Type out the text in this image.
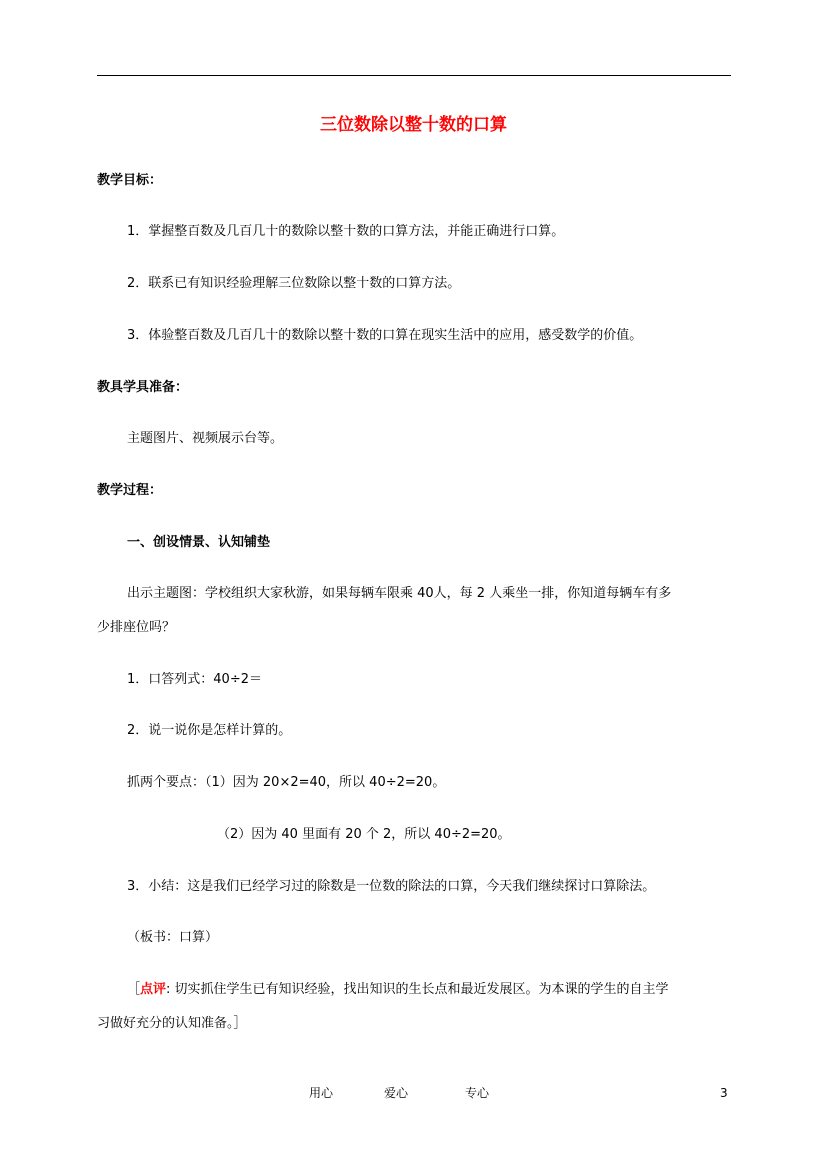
三位数除以整十数的口算
教学目标：
1．掌握整百数及几百几十的数除以整十数的口算方法，并能正确进行口算。
2．联系已有知识经验理解三位数除以整十数的口算方法。
3．体验整百数及几百几十的数除以整十数的口算在现实生活中的应用，感受数学的价值。
教具学具准备：
主题图片、视频展示台等。
教学过程：
一、创设情景、认知铺垫
出示主题图：学校组织大家秋游，如果每辆车限乘 40人，每 2 人乘坐一排，你知道每辆车有多
少排座位吗？
1．口答列式：40÷2＝
2．说一说你是怎样计算的。
抓两个要点：（1）因为 20×2=40，所以 40÷2=20。
（2）因为 40 里面有 20 个 2，所以 40÷2=20。
3．小结：这是我们已经学习过的除数是一位数的除法的口算，今天我们继续探讨口算除法。
（板书：口算）
［点评: 切实抓住学生已有知识经验，找出知识的生长点和最近发展区。为本课的学生的自主学
习做好充分的认知准备。］
用心	爱心	专心	3
